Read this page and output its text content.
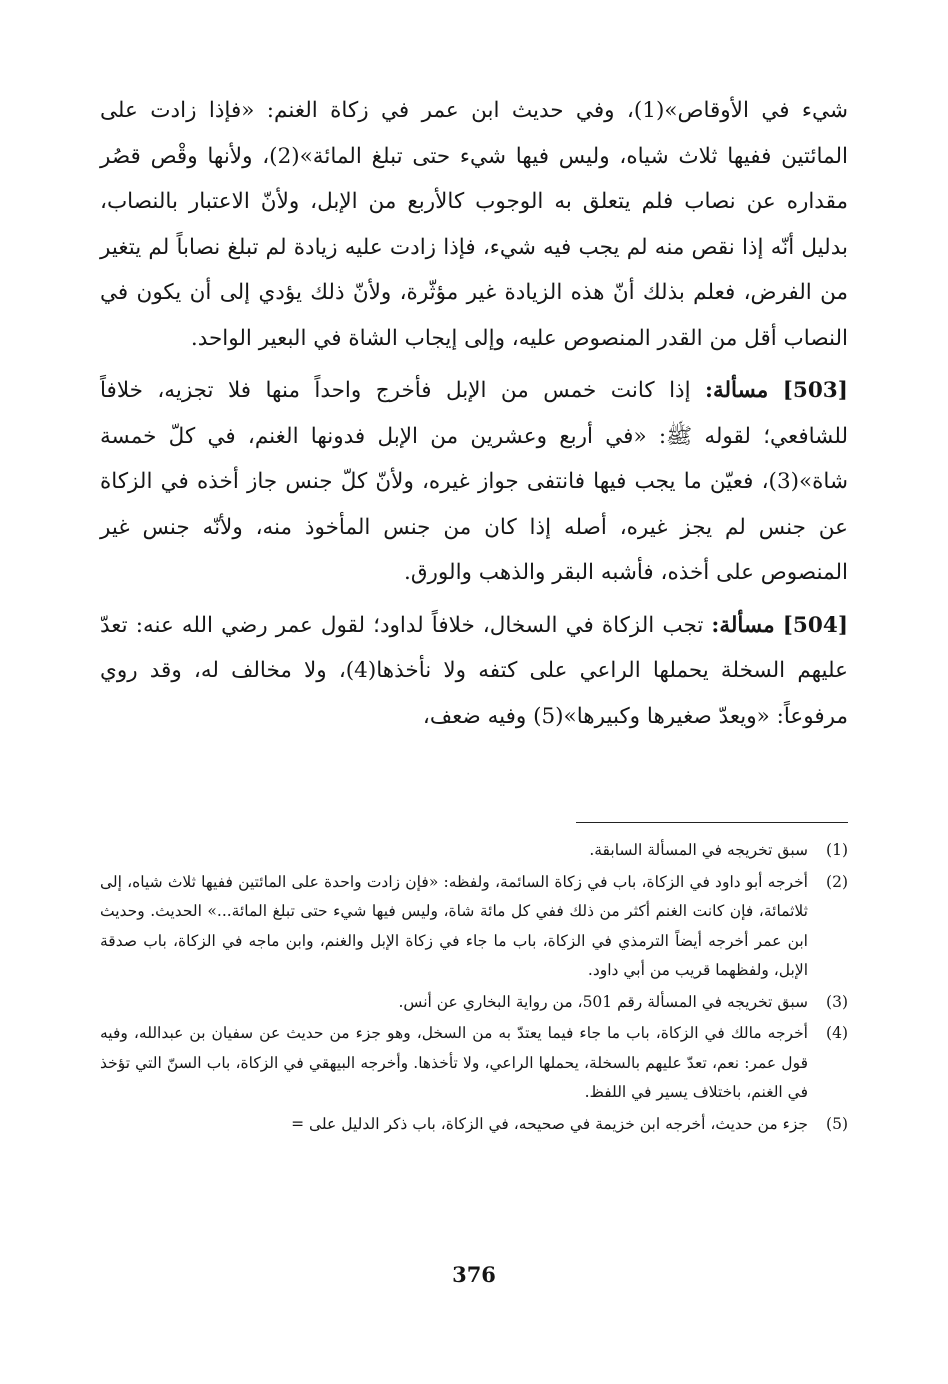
شيء في الأوقاص»(1)، وفي حديث ابن عمر في زكاة الغنم: «فإذا زادت على المائتين ففيها ثلاث شياه، وليس فيها شيء حتى تبلغ المائة»(2)، ولأنها وقْص قصُر مقداره عن نصاب فلم يتعلق به الوجوب كالأربع من الإبل، ولأنّ الاعتبار بالنصاب، بدليل أنّه إذا نقص منه لم يجب فيه شيء، فإذا زادت عليه زيادة لم تبلغ نصاباً لم يتغير من الفرض، فعلم بذلك أنّ هذه الزيادة غير مؤثّرة، ولأنّ ذلك يؤدي إلى أن يكون في النصاب أقل من القدر المنصوص عليه، وإلى إيجاب الشاة في البعير الواحد.

[503] مسألة: إذا كانت خمس من الإبل فأخرج واحداً منها فلا تجزيه، خلافاً للشافعي؛ لقوله ﷺ: «في أربع وعشرين من الإبل فدونها الغنم، في كلّ خمسة شاة»(3)، فعيّن ما يجب فيها فانتفى جواز غيره، ولأنّ كلّ جنس جاز أخذه في الزكاة عن جنس لم يجز غيره، أصله إذا كان من جنس المأخوذ منه، ولأنّه جنس غير المنصوص على أخذه، فأشبه البقر والذهب والورق.

[504] مسألة: تجب الزكاة في السخال، خلافاً لداود؛ لقول عمر رضي الله عنه: تعدّ عليهم السخلة يحملها الراعي على كتفه ولا نأخذها(4)، ولا مخالف له، وقد روي مرفوعاً: «ويعدّ صغيرها وكبيرها»(5) وفيه ضعف،

(1)
سبق تخريجه في المسألة السابقة.
(2)
أخرجه أبو داود في الزكاة، باب في زكاة السائمة، ولفظه: «فإن زادت واحدة على المائتين ففيها ثلاث شياه، إلى ثلاثمائة، فإن كانت الغنم أكثر من ذلك ففي كل مائة شاة، وليس فيها شيء حتى تبلغ المائة...» الحديث. وحديث ابن عمر أخرجه أيضاً الترمذي في الزكاة، باب ما جاء في زكاة الإبل والغنم، وابن ماجه في الزكاة، باب صدقة الإبل، ولفظهما قريب من أبي داود.
(3)
سبق تخريجه في المسألة رقم 501، من رواية البخاري عن أنس.
(4)
أخرجه مالك في الزكاة، باب ما جاء فيما يعتدّ به من السخل، وهو جزء من حديث عن سفيان بن عبدالله، وفيه قول عمر: نعم، تعدّ عليهم بالسخلة، يحملها الراعي، ولا تأخذها. وأخرجه البيهقي في الزكاة، باب السنّ التي تؤخذ في الغنم، باختلاف يسير في اللفظ.
(5)
جزء من حديث، أخرجه ابن خزيمة في صحيحه، في الزكاة، باب ذكر الدليل على =
376
